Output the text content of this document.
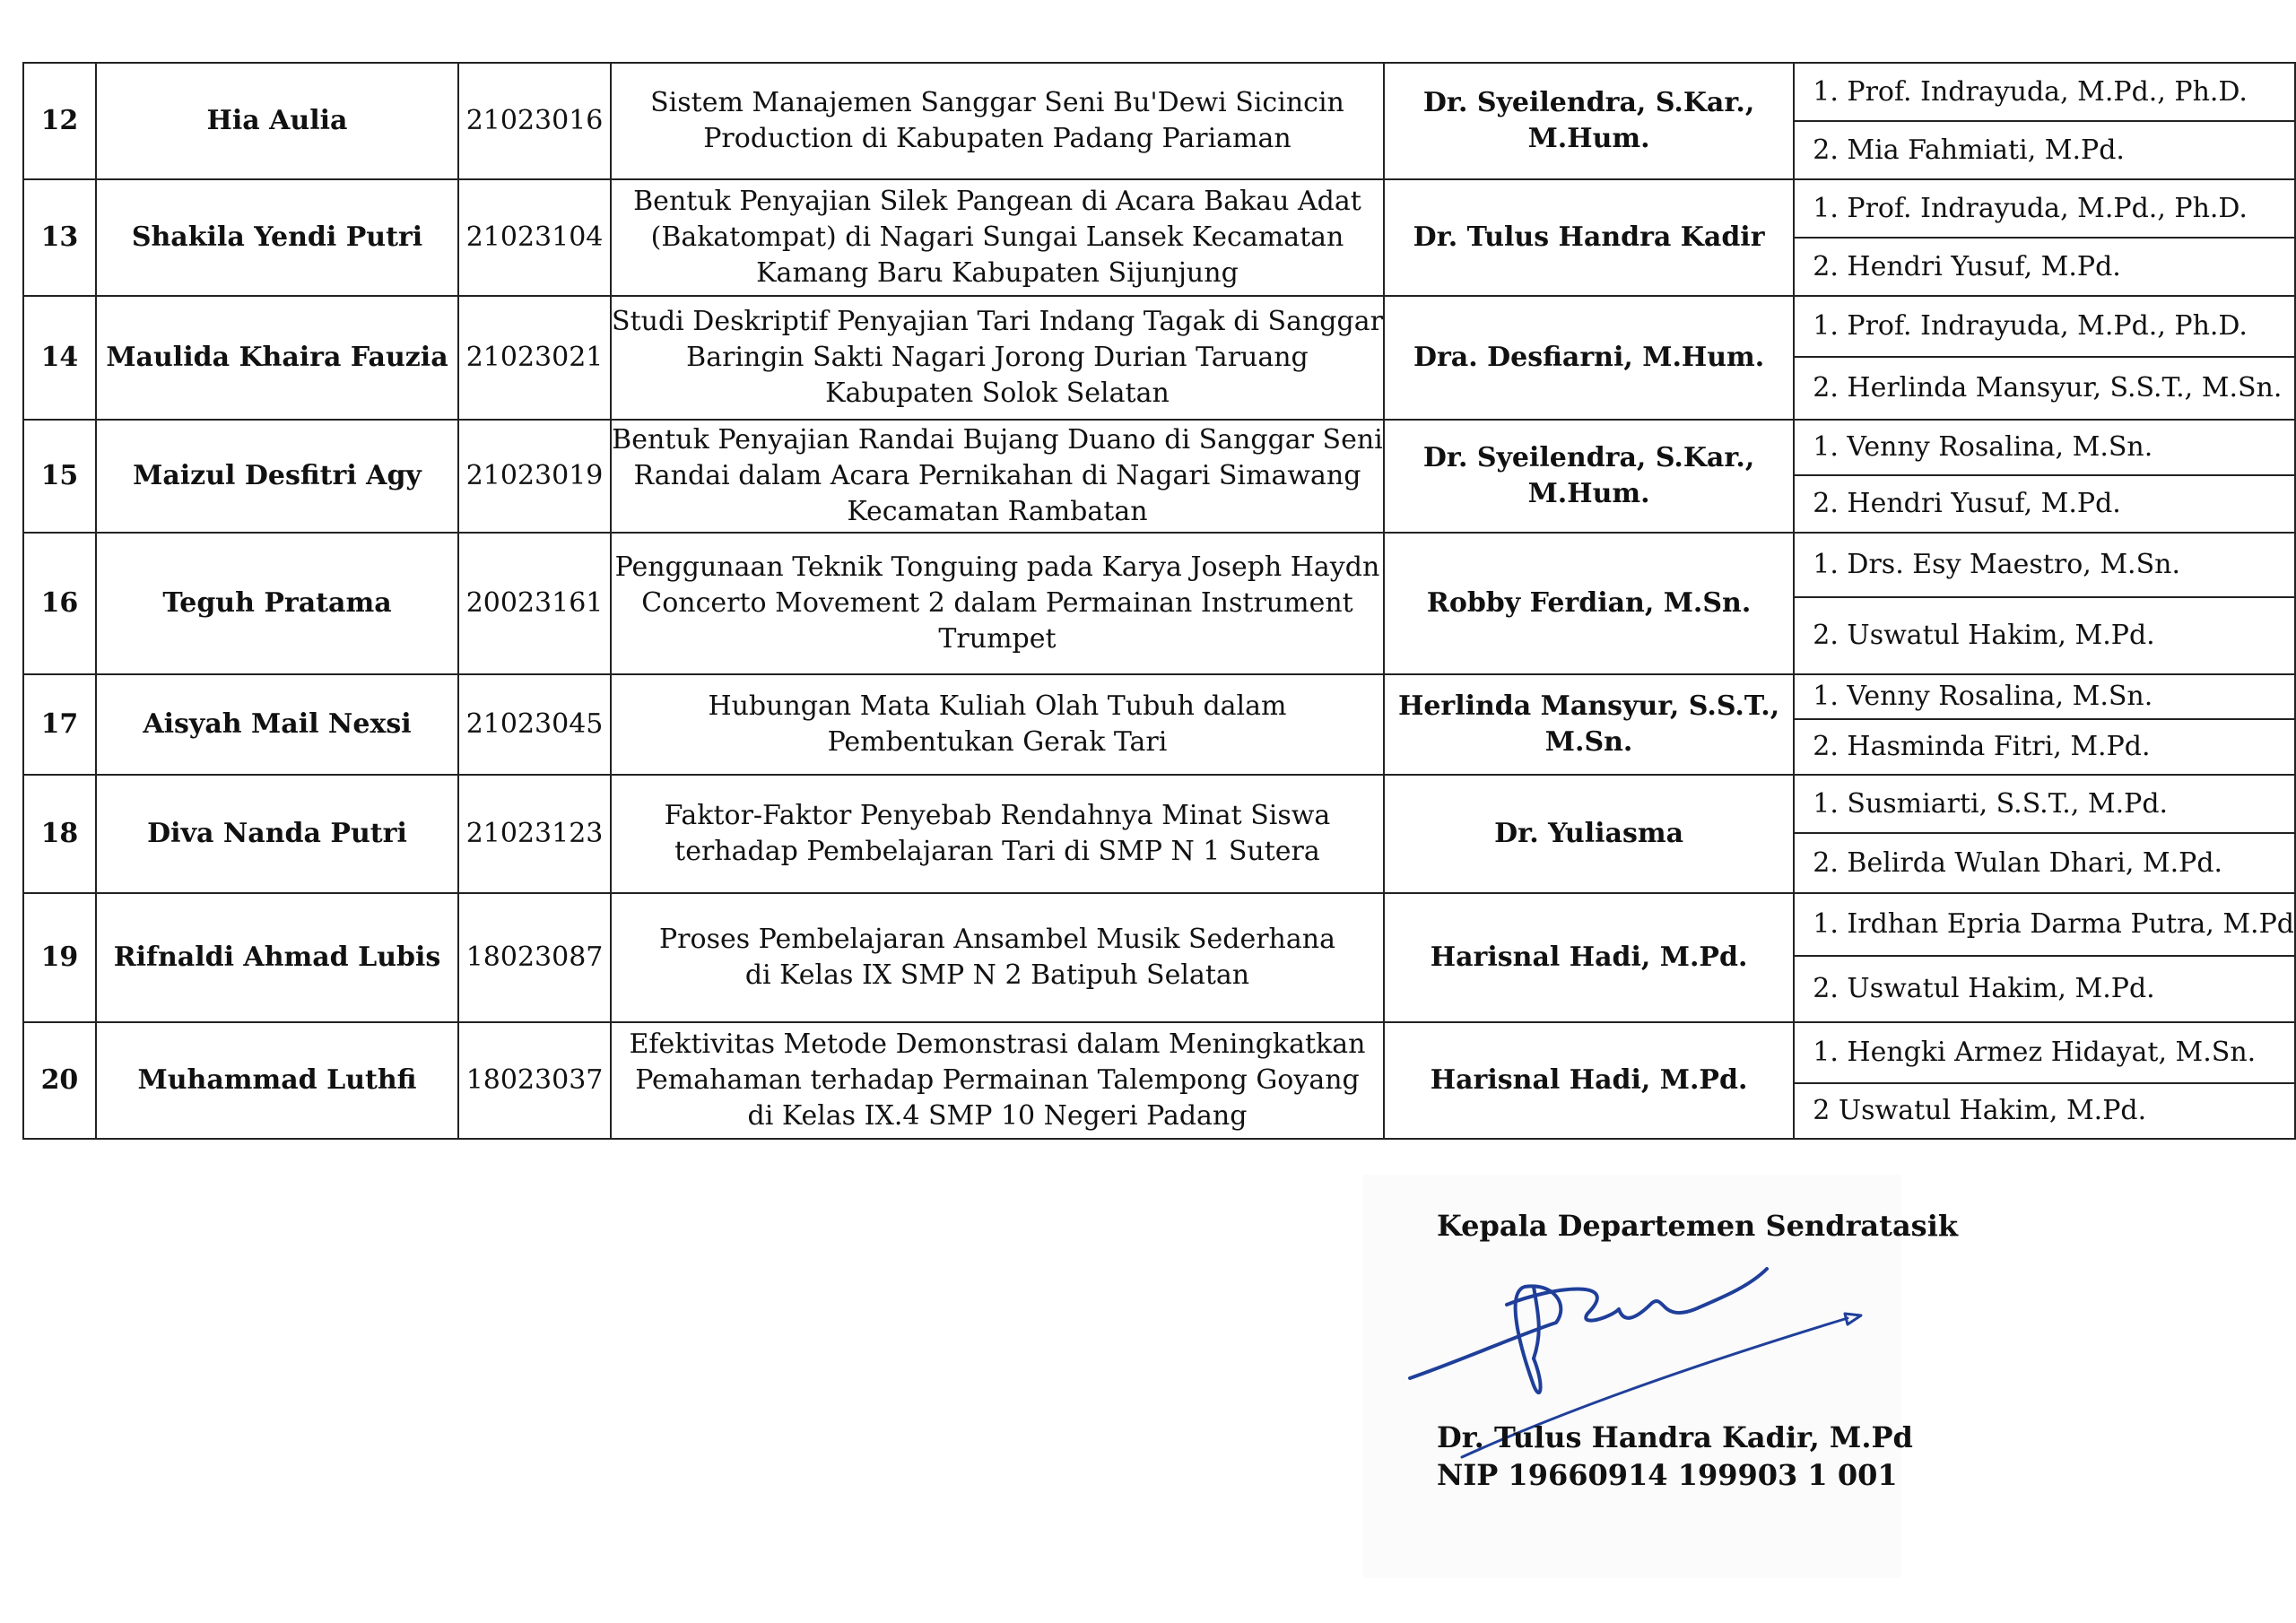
12	Hia Aulia	21023016	Sistem Manajemen Sanggar Seni Bu'Dewi Sicincin
Production di Kabupaten Padang Pariaman	Dr. Syeilendra, S.Kar., M.Hum.	1. Prof. Indrayuda, M.Pd., Ph.D.
					2. Mia Fahmiati, M.Pd.
13	Shakila Yendi Putri	21023104	Bentuk Penyajian Silek Pangean di Acara Bakau Adat
(Bakatompat) di Nagari Sungai Lansek Kecamatan
Kamang Baru Kabupaten Sijunjung	Dr. Tulus Handra Kadir	1. Prof. Indrayuda, M.Pd., Ph.D.
					2. Hendri Yusuf, M.Pd.
14	Maulida Khaira Fauzia	21023021	Studi Deskriptif Penyajian Tari Indang Tagak di Sanggar
Baringin Sakti Nagari Jorong Durian Taruang
Kabupaten Solok Selatan	Dra. Desfiarni, M.Hum.	1. Prof. Indrayuda, M.Pd., Ph.D.
					2. Herlinda Mansyur, S.S.T., M.Sn.
15	Maizul Desfitri Agy	21023019	Bentuk Penyajian Randai Bujang Duano di Sanggar Seni
Randai dalam Acara Pernikahan di Nagari Simawang
Kecamatan Rambatan	Dr. Syeilendra, S.Kar., M.Hum.	1. Venny Rosalina, M.Sn.
					2. Hendri Yusuf, M.Pd.
16	Teguh Pratama	20023161	Penggunaan Teknik Tonguing pada Karya Joseph Haydn
Concerto Movement 2 dalam Permainan Instrument
Trumpet	Robby Ferdian, M.Sn.	1. Drs. Esy Maestro, M.Sn.
					2. Uswatul Hakim, M.Pd.
17	Aisyah Mail Nexsi	21023045	Hubungan Mata Kuliah Olah Tubuh dalam
Pembentukan Gerak Tari	Herlinda Mansyur, S.S.T., M.Sn.	1. Venny Rosalina, M.Sn.
					2. Hasminda Fitri, M.Pd.
18	Diva Nanda Putri	21023123	Faktor-Faktor Penyebab Rendahnya Minat Siswa
terhadap Pembelajaran Tari di SMP N 1 Sutera	Dr. Yuliasma	1. Susmiarti, S.S.T., M.Pd.
					2. Belirda Wulan Dhari, M.Pd.
19	Rifnaldi Ahmad Lubis	18023087	Proses Pembelajaran Ansambel Musik Sederhana
di Kelas IX SMP N 2 Batipuh Selatan	Harisnal Hadi, M.Pd.	1. Irdhan Epria Darma Putra, M.Pd
					2. Uswatul Hakim, M.Pd.
20	Muhammad Luthfi	18023037	Efektivitas Metode Demonstrasi dalam Meningkatkan
Pemahaman terhadap Permainan Talempong Goyang
di Kelas IX.4 SMP 10 Negeri Padang	Harisnal Hadi, M.Pd.	1. Hengki Armez Hidayat, M.Sn.
					2 Uswatul Hakim, M.Pd.
Kepala Departemen Sendratasik
Dr. Tulus Handra Kadir, M.Pd
NIP 19660914 199903 1 001
